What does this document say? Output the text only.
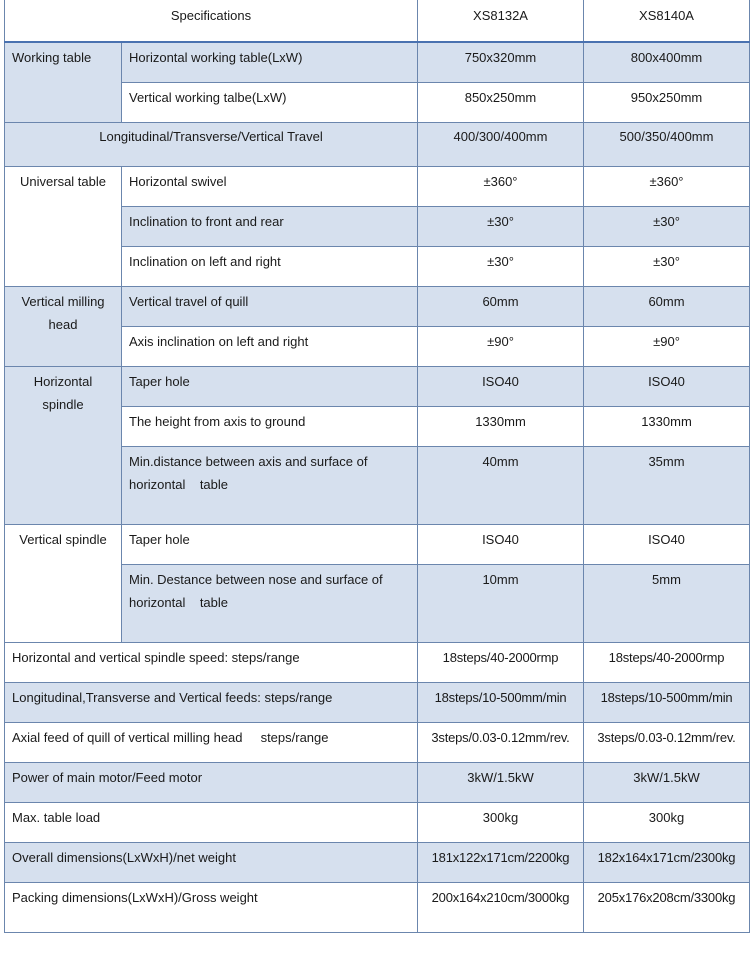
Specifications		XS8132A	XS8140A
Working table	Horizontal working table(LxW)	750x320mm	800x400mm
	Vertical working talbe(LxW)	850x250mm	950x250mm
Longitudinal/Transverse/Vertical Travel		400/300/400mm	500/350/400mm
Universal table	Horizontal swivel	±360°	±360°
	Inclination to front and rear	±30°	±30°
	Inclination on left and right	±30°	±30°
Vertical milling head	Vertical travel of quill	60mm	60mm
	Axis inclination on left and right	±90°	±90°
Horizontal spindle	Taper hole	ISO40	ISO40
	The height from axis to ground	1330mm	1330mm
	Min.distance between axis and surface of horizontal    table	40mm	35mm
Vertical spindle	Taper hole	ISO40	ISO40
	Min. Destance between nose and surface of horizontal    table	10mm	5mm
Horizontal and vertical spindle speed: steps/range		18steps/40-2000rmp	18steps/40-2000rmp
Longitudinal,Transverse and Vertical feeds: steps/range		18steps/10-500mm/min	18steps/10-500mm/min
Axial feed of quill of vertical milling head     steps/range		3steps/0.03-0.12mm/rev.	3steps/0.03-0.12mm/rev.
Power of main motor/Feed motor		3kW/1.5kW	3kW/1.5kW
Max. table load		300kg	300kg
Overall dimensions(LxWxH)/net weight		181x122x171cm/2200kg	182x164x171cm/2300kg
Packing dimensions(LxWxH)/Gross weight		200x164x210cm/3000kg	205x176x208cm/3300kg
